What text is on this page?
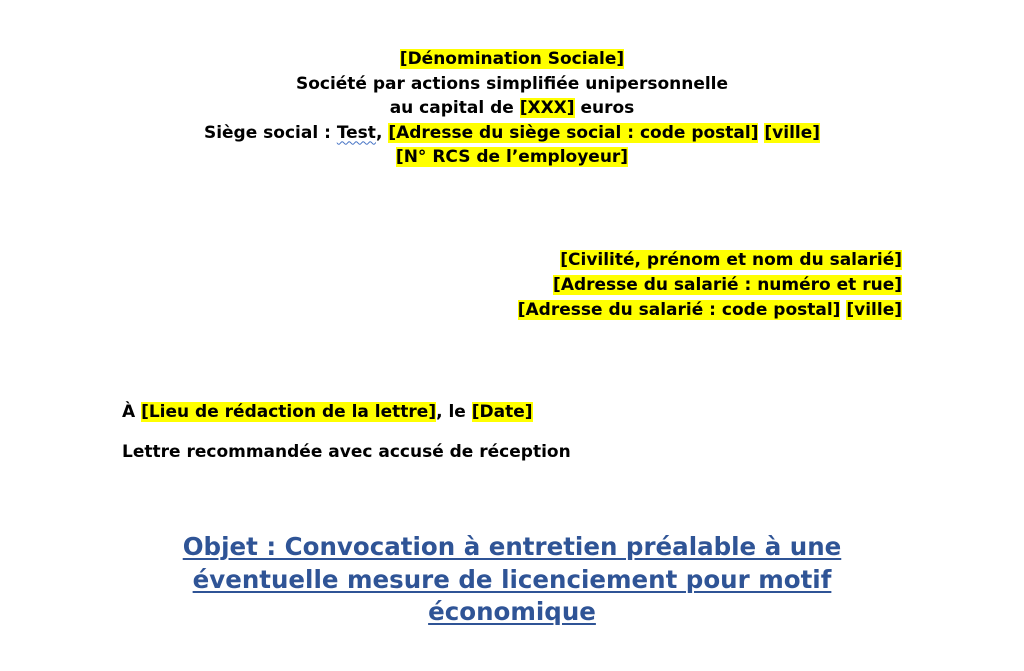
[Dénomination Sociale]
Société par actions simplifiée unipersonnelle
au capital de [XXX] euros
Siège social : Test, [Adresse du siège social : code postal] [ville]
[N° RCS de l’employeur]
[Civilité, prénom et nom du salarié]
[Adresse du salarié : numéro et rue]
[Adresse du salarié : code postal] [ville]
À [Lieu de rédaction de la lettre], le [Date]
Lettre recommandée avec accusé de réception
Objet : Convocation à entretien préalable à une
éventuelle mesure de licenciement pour motif
économique
